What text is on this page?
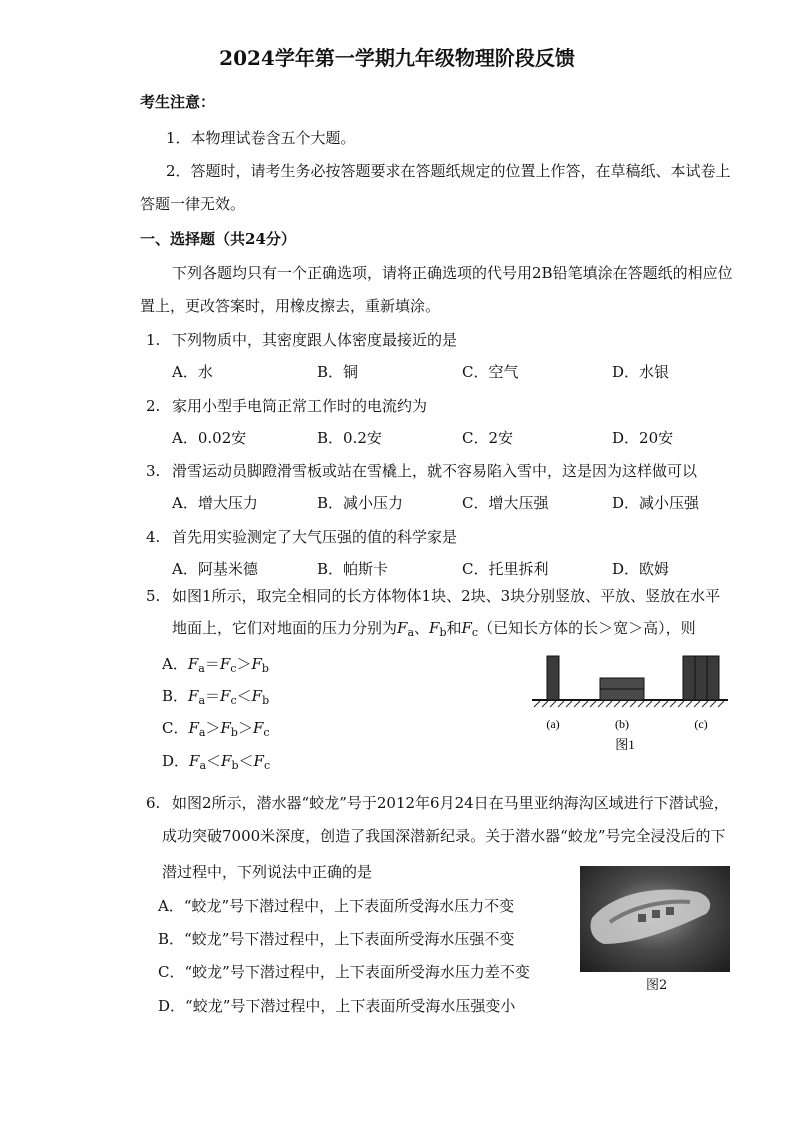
2024学年第一学期九年级物理阶段反馈
考生注意：
1．本物理试卷含五个大题。
2．答题时，请考生务必按答题要求在答题纸规定的位置上作答，在草稿纸、本试卷上
答题一律无效。
一、选择题（共24分）
下列各题均只有一个正确选项，请将正确选项的代号用2B铅笔填涂在答题纸的相应位
置上，更改答案时，用橡皮擦去，重新填涂。
1. 下列物质中，其密度跟人体密度最接近的是
A．水	B．铜	C．空气	D．水银
2. 家用小型手电筒正常工作时的电流约为
A．0.02安	B．0.2安	C．2安	D．20安
3. 滑雪运动员脚蹬滑雪板或站在雪橇上，就不容易陷入雪中，这是因为这样做可以
A．增大压力	B．减小压力	C．增大压强	D．减小压强
4. 首先用实验测定了大气压强的值的科学家是
A．阿基米德	B．帕斯卡	C．托里拆利	D．欧姆
5. 如图1所示，取完全相同的长方体物体1块、2块、3块分别竖放、平放、竖放在水平
地面上，它们对地面的压力分别为$F_a$、$F_b$和$F_c$（已知长方体的长＞宽＞高），则
A．$F_a=F_c>F_b$
B．$F_a=F_c<F_b$
C．$F_a>F_b>F_c$
D．$F_a<F_b<F_c$
(a)	(b)	(c)
图1
6. 如图2所示，潜水器“蛟龙”号于2012年6月24日在马里亚纳海沟区域进行下潜试验，
成功突破7000米深度，创造了我国深潜新纪录。关于潜水器“蛟龙”号完全浸没后的下
潜过程中，下列说法中正确的是
A．“蛟龙”号下潜过程中，上下表面所受海水压力不变
B．“蛟龙”号下潜过程中，上下表面所受海水压强不变
C．“蛟龙”号下潜过程中，上下表面所受海水压力差不变
D．“蛟龙”号下潜过程中，上下表面所受海水压强变小
图2
